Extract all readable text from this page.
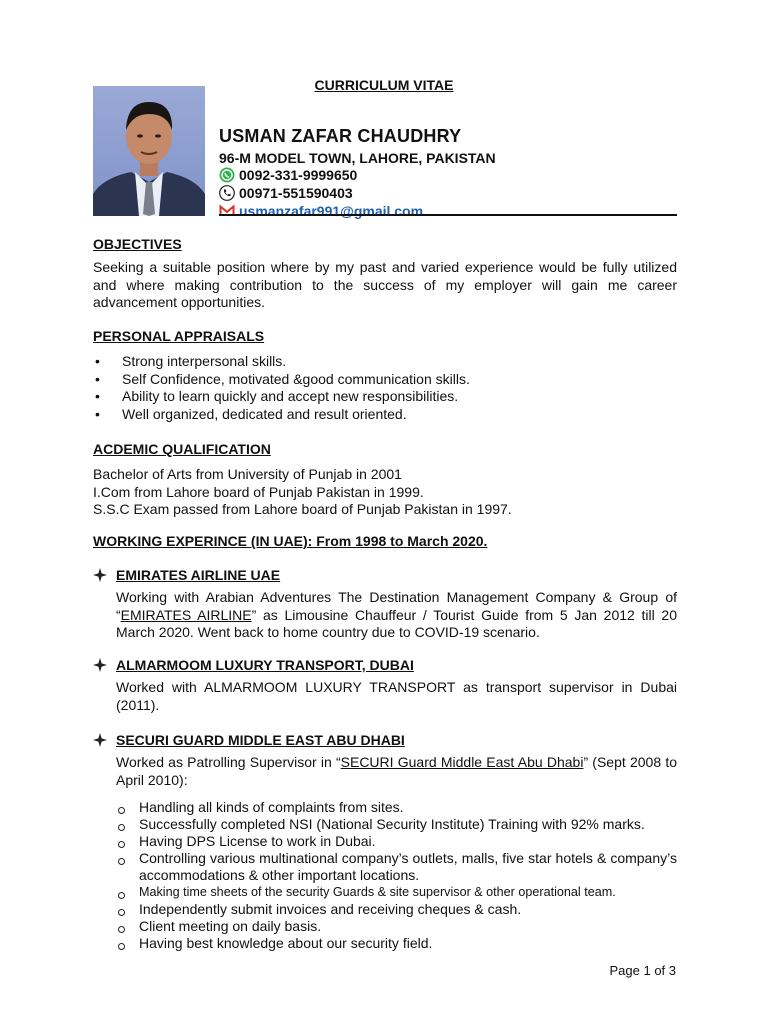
CURRICULUM VITAE
USMAN ZAFAR CHAUDHRY
96-M MODEL TOWN, LAHORE, PAKISTAN
0092-331-9999650
00971-551590403
usmanzafar991@gmail.com
OBJECTIVES

Seeking a suitable position where by my past and varied experience would be fully utilized and where making contribution to the success of my employer will gain me career advancement opportunities.

PERSONAL APPRAISALS
• Strong interpersonal skills.
• Self Confidence, motivated &good communication skills.
• Ability to learn quickly and accept new responsibilities.
• Well organized, dedicated and result oriented.
ACDEMIC QUALIFICATION

Bachelor of Arts from University of Punjab in 2001

I.Com from Lahore board of Punjab Pakistan in 1999.

S.S.C Exam passed from Lahore board of Punjab Pakistan in 1997.

WORKING EXPERINCE (IN UAE): From 1998 to March 2020.
EMIRATES AIRLINE UAE

Working with Arabian Adventures The Destination Management Company & Group of “EMIRATES AIRLINE” as Limousine Chauffeur / Tourist Guide from 5 Jan 2012 till 20 March 2020. Went back to home country due to COVID-19 scenario.

ALMARMOOM LUXURY TRANSPORT, DUBAI

Worked with ALMARMOOM LUXURY TRANSPORT as transport supervisor in Dubai (2011).

SECURI GUARD MIDDLE EAST ABU DHABI

Worked as Patrolling Supervisor in “SECURI Guard Middle East Abu Dhabi” (Sept 2008 to April 2010):

Handling all kinds of complaints from sites.
Successfully completed NSI (National Security Institute) Training with 92% marks.
Having DPS License to work in Dubai.
Controlling various multinational company’s outlets, malls, five star hotels & company’s accommodations & other important locations.
Making time sheets of the security Guards & site supervisor & other operational team.
Independently submit invoices and receiving cheques & cash.
Client meeting on daily basis.
Having best knowledge about our security field.
Page 1 of 3
